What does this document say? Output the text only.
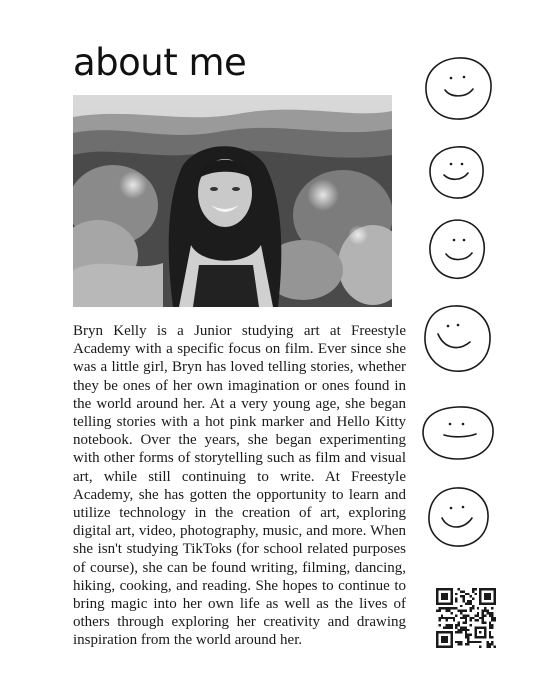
about me

Bryn Kelly is a Junior studying art at Freestyle Academy with a specific focus on film. Ever since she was a little girl, Bryn has loved telling stories, whether they be ones of her own imagination or ones found in the world around her. At a very young age, she began telling stories with a hot pink marker and Hello Kitty notebook. Over the years, she began experimenting with other forms of storytelling such as film and visual art, while still continuing to write. At Freestyle Academy, she has gotten the opportunity to learn and utilize technology in the creation of art, exploring digital art, video, photography, music, and more. When she isn't studying TikToks (for school related purposes of course), she can be found writing, filming, dancing, hiking, cooking, and reading. She hopes to continue to bring magic into her own life as well as the lives of others through exploring her creativity and drawing inspiration from the world around her.
